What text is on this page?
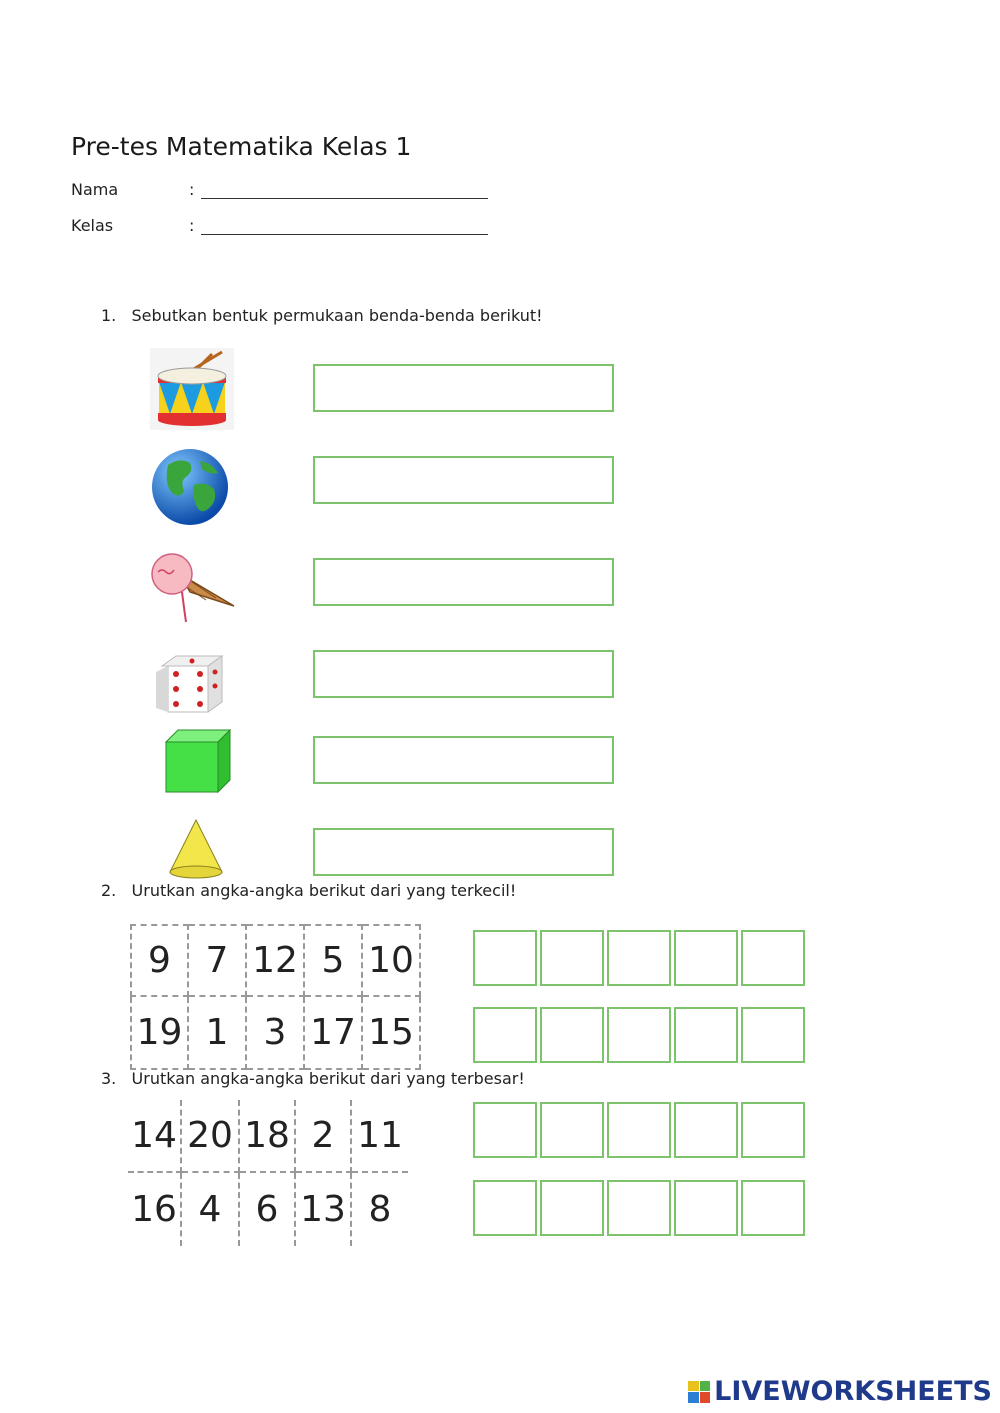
Pre-tes Matematika Kelas 1
Nama	:
Kelas	:
1.   Sebutkan bentuk permukaan benda-benda berikut!
2.   Urutkan angka-angka berikut dari yang terkecil!
9 7 12 5 10
19 1 3 17 15
3.   Urutkan angka-angka berikut dari yang terbesar!
14 20 18 2 11
16 4 6 13 8
LIVEWORKSHEETS
